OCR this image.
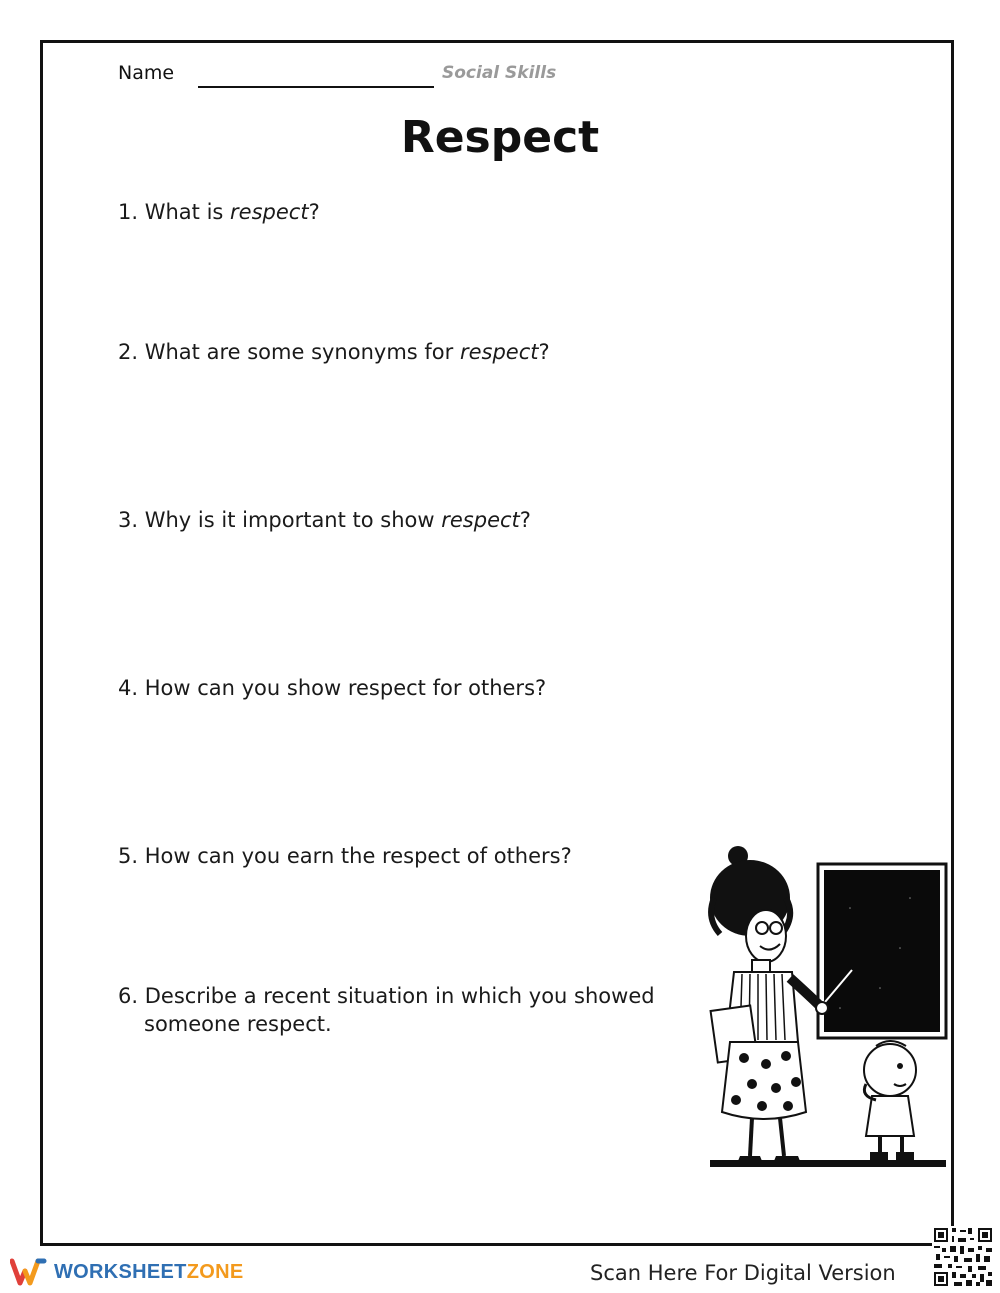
Name	Social Skills
Respect
1. What is respect?
2. What are some synonyms for respect?
3. Why is it important to show respect?
4. How can you show respect for others?
5. How can you earn the respect of others?
6. Describe a recent situation in which you showed
someone respect.
WORKSHEETZONE	Scan Here For Digital Version
